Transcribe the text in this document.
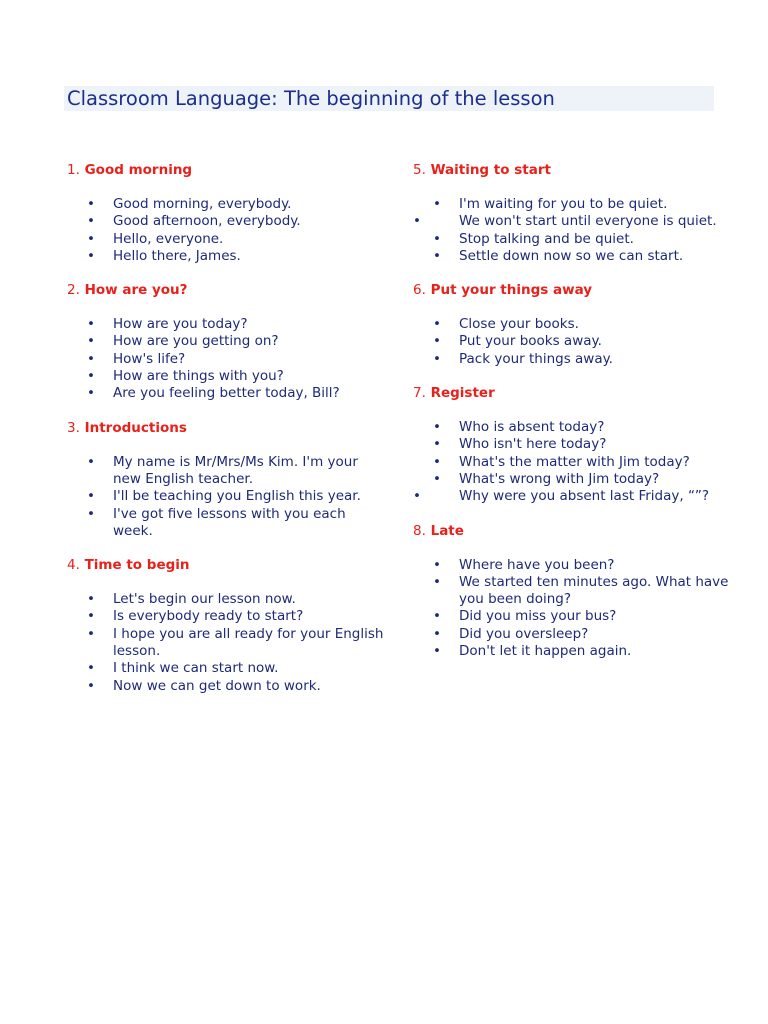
Classroom Language: The beginning of the lesson
1. Good morning
• Good morning, everybody.
• Good afternoon, everybody.
• Hello, everyone.
• Hello there, James.
2. How are you?
• How are you today?
• How are you getting on?
• How's life?
• How are things with you?
• Are you feeling better today, Bill?
3. Introductions
• My name is Mr/Mrs/Ms Kim. I'm your new English teacher.
• I'll be teaching you English this year.
• I've got five lessons with you each week.
4. Time to begin
• Let's begin our lesson now.
• Is everybody ready to start?
• I hope you are all ready for your English lesson.
• I think we can start now.
• Now we can get down to work.
5. Waiting to start
• I'm waiting for you to be quiet.
• We won't start until everyone is quiet.
• Stop talking and be quiet.
• Settle down now so we can start.
6. Put your things away
• Close your books.
• Put your books away.
• Pack your things away.
7. Register
• Who is absent today?
• Who isn't here today?
• What's the matter with Jim today?
• What's wrong with Jim today?
• Why were you absent last Friday, “”?
8. Late
• Where have you been?
• We started ten minutes ago. What have you been doing?
• Did you miss your bus?
• Did you oversleep?
• Don't let it happen again.
